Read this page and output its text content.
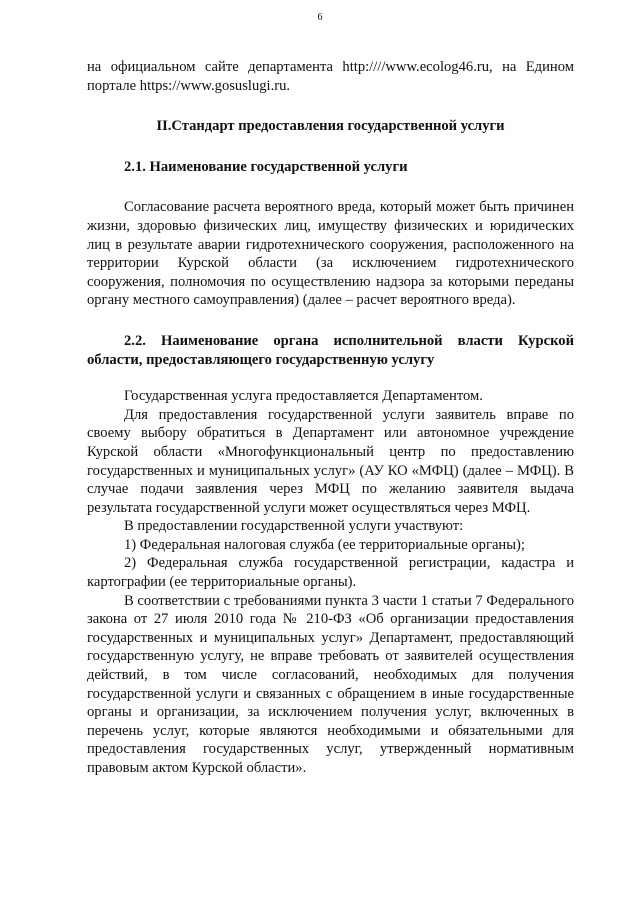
6

на официальном сайте департамента http:////www.ecolog46.ru, на Едином портале https://www.gosuslugi.ru.

II.Стандарт предоставления государственной услуги

2.1. Наименование государственной услуги

Согласование расчета вероятного вреда, который может быть причинен жизни, здоровью физических лиц, имуществу физических и юридических лиц в результате аварии гидротехнического сооружения, расположенного на территории Курской области (за исключением гидротехнического сооружения, полномочия по осуществлению надзора за которыми переданы органу местного самоуправления) (далее – расчет вероятного вреда).

2.2. Наименование органа исполнительной власти Курской области, предоставляющего государственную услугу

Государственная услуга предоставляется Департаментом.

Для предоставления государственной услуги заявитель вправе по своему выбору обратиться в Департамент или автономное учреждение Курской области «Многофункциональный центр по предоставлению государственных и муниципальных услуг» (АУ КО «МФЦ) (далее – МФЦ). В случае подачи заявления через МФЦ по желанию заявителя выдача результата государственной услуги может осуществляться через МФЦ.

В предоставлении государственной услуги участвуют:

1) Федеральная налоговая служба (ее территориальные органы);

2) Федеральная служба государственной регистрации, кадастра и картографии (ее территориальные органы).

В соответствии с требованиями пункта 3 части 1 статьи 7 Федерального закона от 27 июля 2010 года № 210-ФЗ «Об организации предоставления государственных и муниципальных услуг» Департамент, предоставляющий государственную услугу, не вправе требовать от заявителей осуществления действий, в том числе согласований, необходимых для получения государственной услуги и связанных с обращением в иные государственные органы и организации, за исключением получения услуг, включенных в перечень услуг, которые являются необходимыми и обязательными для предоставления государственных услуг, утвержденный нормативным правовым актом Курской области».
